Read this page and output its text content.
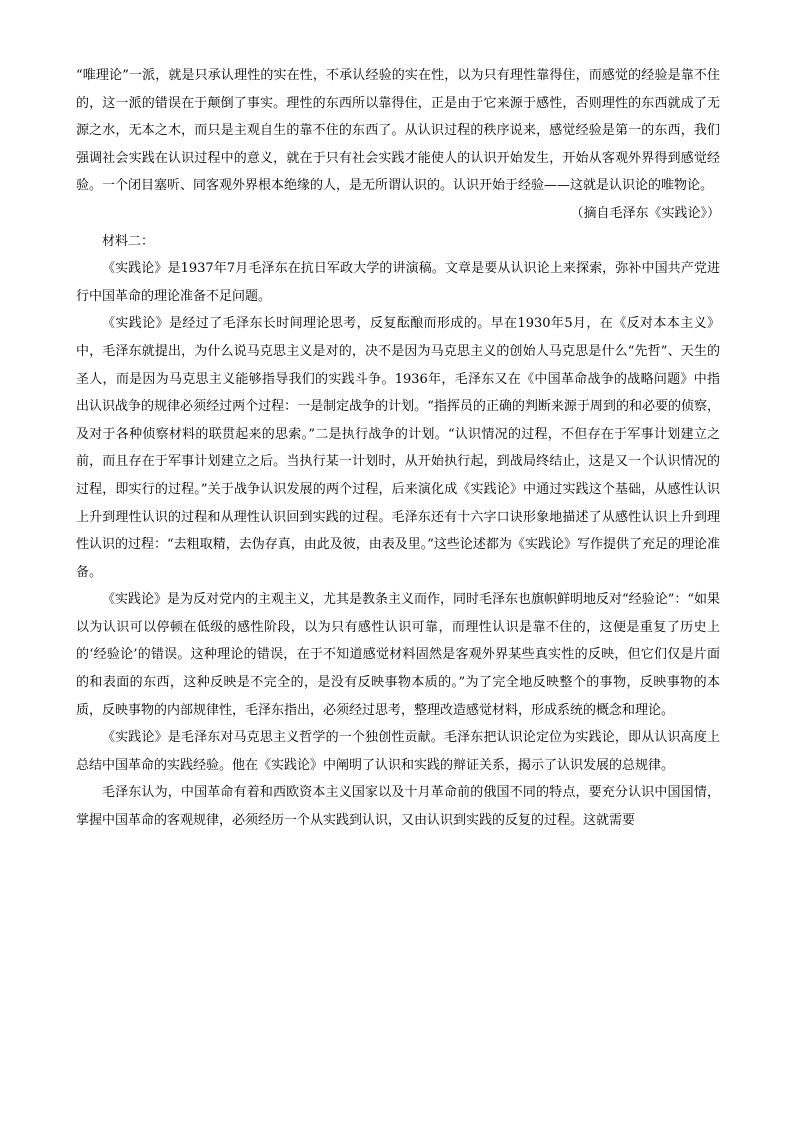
“唯理论”一派，就是只承认理性的实在性，不承认经验的实在性，以为只有理性靠得住，而感觉的经验是靠不住的，这一派的错误在于颠倒了事实。理性的东西所以靠得住，正是由于它来源于感性，否则理性的东西就成了无源之水，无本之木，而只是主观自生的靠不住的东西了。从认识过程的秩序说来，感觉经验是第一的东西，我们强调社会实践在认识过程中的意义，就在于只有社会实践才能使人的认识开始发生，开始从客观外界得到感觉经验。一个闭目塞听、同客观外界根本绝缘的人，是无所谓认识的。认识开始于经验——这就是认识论的唯物论。

（摘自毛泽东《实践论》）

材料二：

《实践论》是1937年7月毛泽东在抗日军政大学的讲演稿。文章是要从认识论上来探索，弥补中国共产党进行中国革命的理论准备不足问题。

《实践论》是经过了毛泽东长时间理论思考，反复酝酿而形成的。早在1930年5月，在《反对本本主义》中，毛泽东就提出，为什么说马克思主义是对的，决不是因为马克思主义的创始人马克思是什么“先哲”、天生的圣人，而是因为马克思主义能够指导我们的实践斗争。1936年，毛泽东又在《中国革命战争的战略问题》中指出认识战争的规律必须经过两个过程：一是制定战争的计划。“指挥员的正确的判断来源于周到的和必要的侦察，及对于各种侦察材料的联贯起来的思索。”二是执行战争的计划。“认识情况的过程，不但存在于军事计划建立之前，而且存在于军事计划建立之后。当执行某一计划时，从开始执行起，到战局终结止，这是又一个认识情况的过程，即实行的过程。”关于战争认识发展的两个过程，后来演化成《实践论》中通过实践这个基础，从感性认识上升到理性认识的过程和从理性认识回到实践的过程。毛泽东还有十六字口诀形象地描述了从感性认识上升到理性认识的过程：“去粗取精，去伪存真，由此及彼，由表及里。”这些论述都为《实践论》写作提供了充足的理论准备。

《实践论》是为反对党内的主观主义，尤其是教条主义而作，同时毛泽东也旗帜鲜明地反对“经验论”：“如果以为认识可以停顿在低级的感性阶段，以为只有感性认识可靠，而理性认识是靠不住的，这便是重复了历史上的‘经验论’的错误。这种理论的错误，在于不知道感觉材料固然是客观外界某些真实性的反映，但它们仅是片面的和表面的东西，这种反映是不完全的，是没有反映事物本质的。”为了完全地反映整个的事物，反映事物的本质，反映事物的内部规律性，毛泽东指出，必须经过思考，整理改造感觉材料，形成系统的概念和理论。

《实践论》是毛泽东对马克思主义哲学的一个独创性贡献。毛泽东把认识论定位为实践论，即从认识高度上总结中国革命的实践经验。他在《实践论》中阐明了认识和实践的辩证关系，揭示了认识发展的总规律。

毛泽东认为，中国革命有着和西欧资本主义国家以及十月革命前的俄国不同的特点，要充分认识中国国情，掌握中国革命的客观规律，必须经历一个从实践到认识，又由认识到实践的反复的过程。这就需要
